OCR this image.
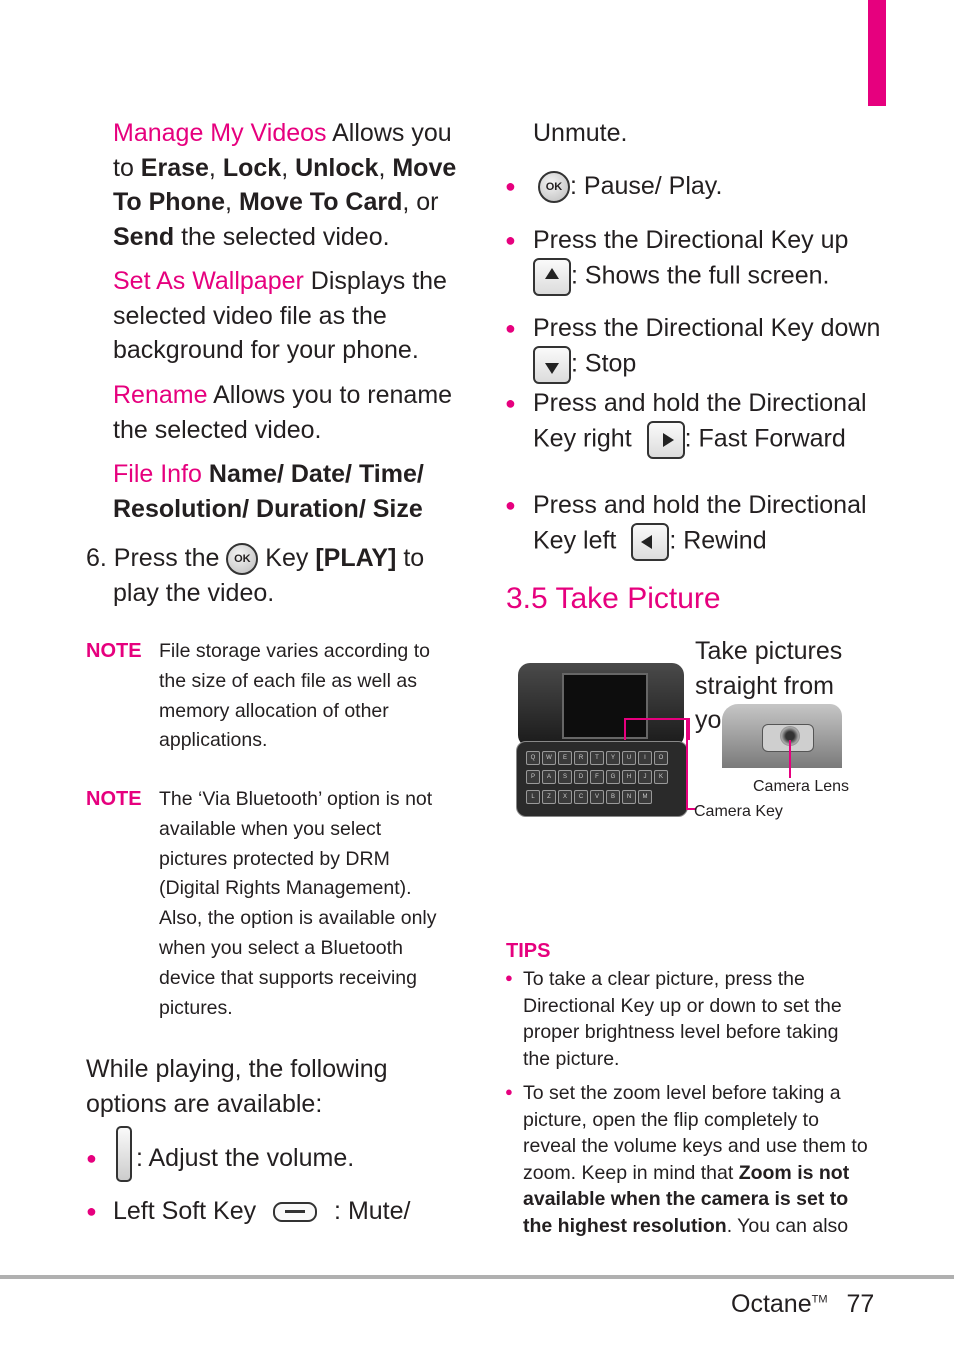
Manage My Videos Allows you
to Erase, Lock, Unlock, Move
To Phone, Move To Card, or
Send the selected video.
Set As Wallpaper Displays the
selected video file as the
background for your phone.
Rename Allows you to rename
the selected video.
File Info Name/ Date/ Time/
Resolution/ Duration/ Size
6. Press the OK Key [PLAY] to
play the video.
NOTE File storage varies according to
the size of each file as well as
memory allocation of other
applications.
NOTE The ‘Via Bluetooth’ option is not
available when you select
pictures protected by DRM
(Digital Rights Management).
Also, the option is available only
when you select a Bluetooth
device that supports receiving
pictures.
While playing, the following
options are available:
● : Adjust the volume.
● Left Soft Key	: Mute/
Unmute.
●	OK : Pause/ Play.
● Press the Directional Key up
: Shows the full screen.
● Press the Directional Key down
: Stop
● Press and hold the Directional
Key right : Fast Forward
● Press and hold the Directional
Key left : Rewind
3.5 Take Picture
Q	W	E	R	T	Y	U	I	O
P	A	S	D	F	G	H	J	K
L	Z	X	C	V	B	N	M
Take pictures
straight from
yo
Camera Lens
Camera Key
TIPS
● To take a clear picture, press the
Directional Key up or down to set the
proper brightness level before taking
the picture.
● To set the zoom level before taking a
picture, open the flip completely to
reveal the volume keys and use them to
zoom. Keep in mind that Zoom is not
available when the camera is set to
the highest resolution. You can also
Octane™ 77
